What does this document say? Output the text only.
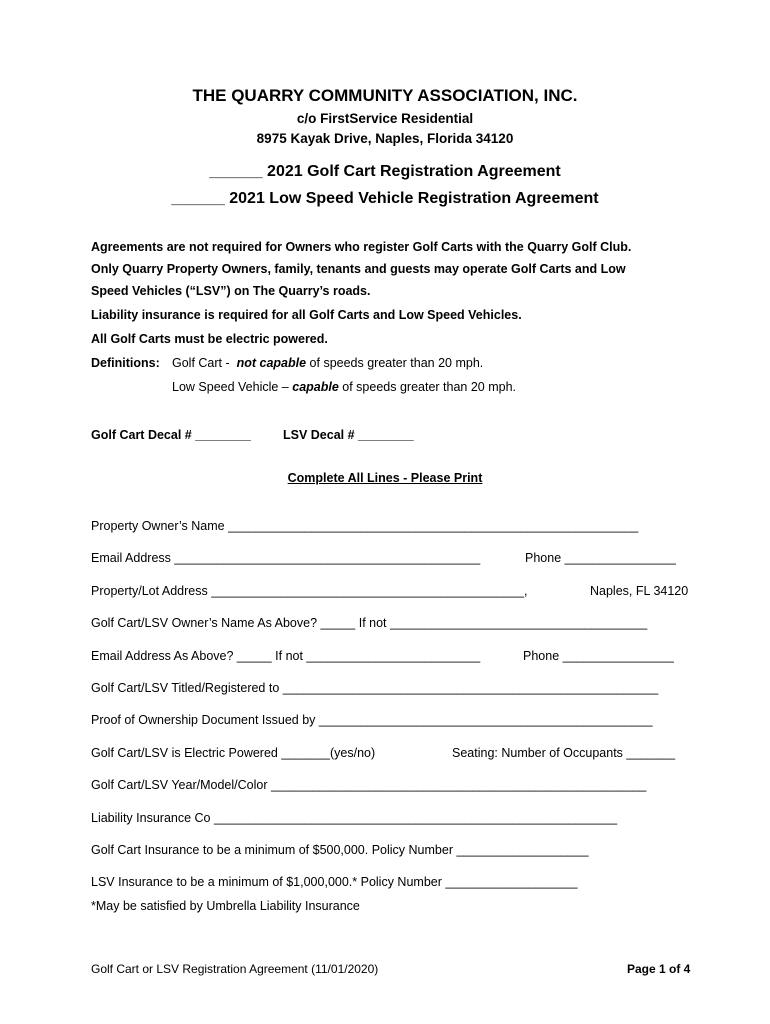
THE QUARRY COMMUNITY ASSOCIATION, INC.
c/o FirstService Residential
8975 Kayak Drive, Naples, Florida 34120
______ 2021 Golf Cart Registration Agreement
______ 2021 Low Speed Vehicle Registration Agreement
Agreements are not required for Owners who register Golf Carts with the Quarry Golf Club.
Only Quarry Property Owners, family, tenants and guests may operate Golf Carts and Low
Speed Vehicles (“LSV”) on The Quarry’s roads.
Liability insurance is required for all Golf Carts and Low Speed Vehicles.
All Golf Carts must be electric powered.
Definitions: Golf Cart - not capable of speeds greater than 20 mph.
Low Speed Vehicle – capable of speeds greater than 20 mph.
Golf Cart Decal # ________	LSV Decal # ________
Complete All Lines - Please Print
Property Owner’s Name ___________________________________________________________
Email Address ____________________________________________	Phone ________________
Property/Lot Address _____________________________________________,	Naples, FL 34120
Golf Cart/LSV Owner’s Name As Above? _____ If not _____________________________________
Email Address As Above? _____ If not _________________________	Phone ________________
Golf Cart/LSV Titled/Registered to ______________________________________________________
Proof of Ownership Document Issued by ________________________________________________
Golf Cart/LSV is Electric Powered _______(yes/no)	Seating: Number of Occupants _______
Golf Cart/LSV Year/Model/Color ______________________________________________________
Liability Insurance Co __________________________________________________________
Golf Cart Insurance to be a minimum of $500,000. Policy Number ___________________
LSV Insurance to be a minimum of $1,000,000.* Policy Number ___________________
*May be satisfied by Umbrella Liability Insurance
Golf Cart or LSV Registration Agreement (11/01/2020)	Page 1 of 4
